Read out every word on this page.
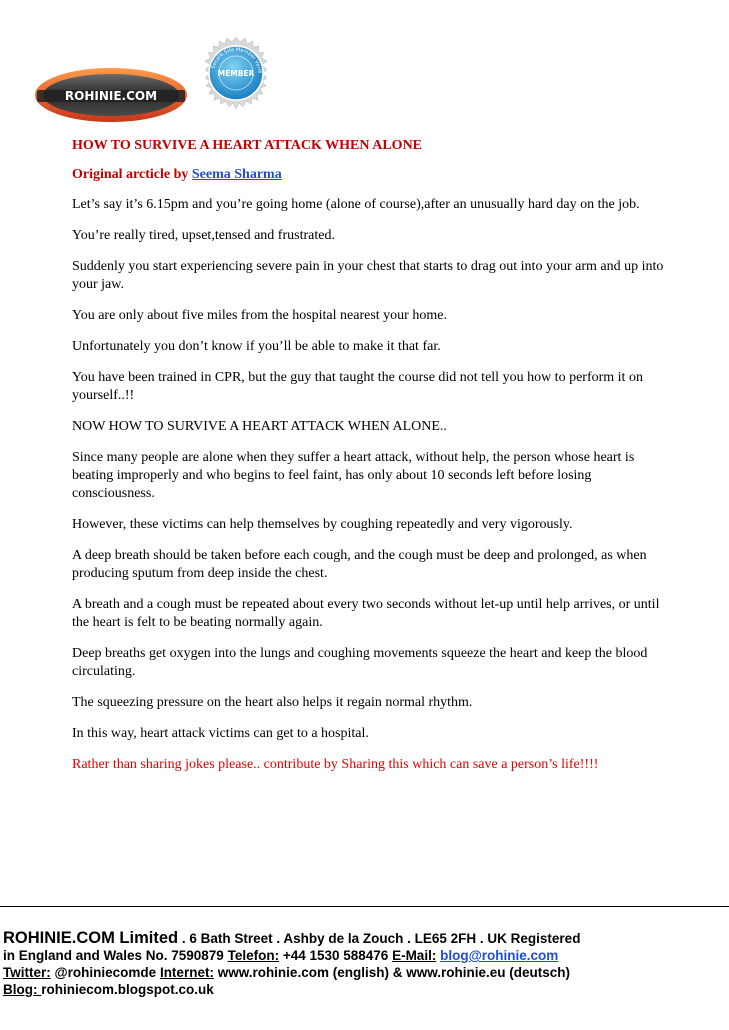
ROHINIE.COM
Secure Site Member Verifi
MEMBER
HOW TO SURVIVE A HEART ATTACK WHEN ALONE
Original arcticle by Seema Sharma
Let’s say it’s 6.15pm and you’re going home (alone of course),after an unusually hard day on the job.
You’re really tired, upset,tensed and frustrated.
Suddenly you start experiencing severe pain in your chest that starts to drag out into your arm and up into your jaw.
You are only about five miles from the hospital nearest your home.
Unfortunately you don’t know if you’ll be able to make it that far.
You have been trained in CPR, but the guy that taught the course did not tell you how to perform it on yourself..!!
NOW HOW TO SURVIVE A HEART ATTACK WHEN ALONE..
Since many people are alone when they suffer a heart attack, without help, the person whose heart is beating improperly and who begins to feel faint, has only about 10 seconds left before losing consciousness.
However, these victims can help themselves by coughing repeatedly and very vigorously.
A deep breath should be taken before each cough, and the cough must be deep and prolonged, as when producing sputum from deep inside the chest.
A breath and a cough must be repeated about every two seconds without let-up until help arrives, or until the heart is felt to be beating normally again.
Deep breaths get oxygen into the lungs and coughing movements squeeze the heart and keep the blood circulating.
The squeezing pressure on the heart also helps it regain normal rhythm.
In this way, heart attack victims can get to a hospital.
Rather than sharing jokes please.. contribute by Sharing this which can save a person’s life!!!!
ROHINIE.COM Limited . 6 Bath Street . Ashby de la Zouch . LE65 2FH . UK Registered
in England and Wales No. 7590879 Telefon: +44 1530 588476 E-Mail: blog@rohinie.com
Twitter: @rohiniecomde Internet: www.rohinie.com (english) & www.rohinie.eu (deutsch)
Blog: rohiniecom.blogspot.co.uk
